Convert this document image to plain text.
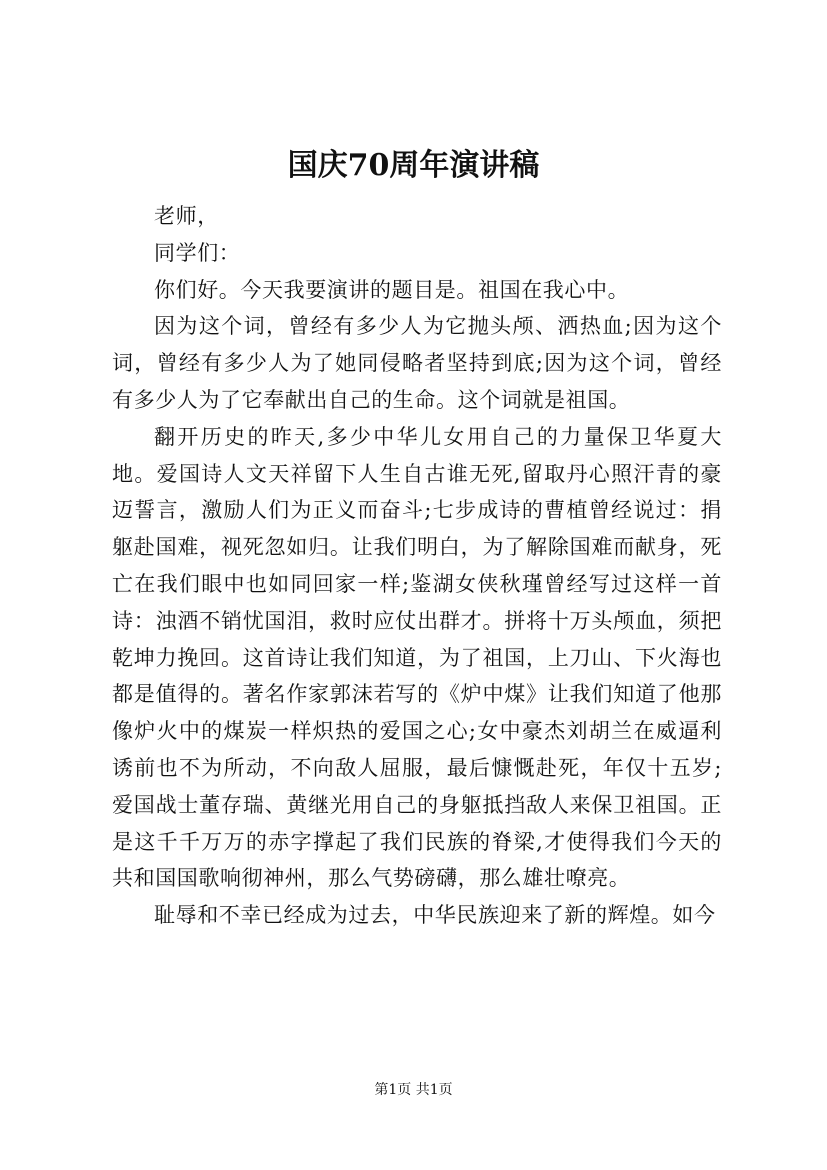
国庆70周年演讲稿

老师，

同学们：

你们好。今天我要演讲的题目是。祖国在我心中。

因为这个词，曾经有多少人为它抛头颅、洒热血;因为这个词，曾经有多少人为了她同侵略者坚持到底;因为这个词，曾经有多少人为了它奉献出自己的生命。这个词就是祖国。

翻开历史的昨天,多少中华儿女用自己的力量保卫华夏大地。爱国诗人文天祥留下人生自古谁无死,留取丹心照汗青的豪迈誓言，激励人们为正义而奋斗;七步成诗的曹植曾经说过：捐躯赴国难，视死忽如归。让我们明白，为了解除国难而献身，死亡在我们眼中也如同回家一样;鉴湖女侠秋瑾曾经写过这样一首诗：浊酒不销忧国泪，救时应仗出群才。拼将十万头颅血，须把乾坤力挽回。这首诗让我们知道，为了祖国，上刀山、下火海也都是值得的。著名作家郭沫若写的《炉中煤》让我们知道了他那像炉火中的煤炭一样炽热的爱国之心;女中豪杰刘胡兰在威逼利诱前也不为所动，不向敌人屈服，最后慷慨赴死，年仅十五岁;爱国战士董存瑞、黄继光用自己的身躯抵挡敌人来保卫祖国。正是这千千万万的赤字撑起了我们民族的脊梁,才使得我们今天的共和国国歌响彻神州，那么气势磅礴，那么雄壮嘹亮。

耻辱和不幸已经成为过去，中华民族迎来了新的辉煌。如今

第1页 共1页
